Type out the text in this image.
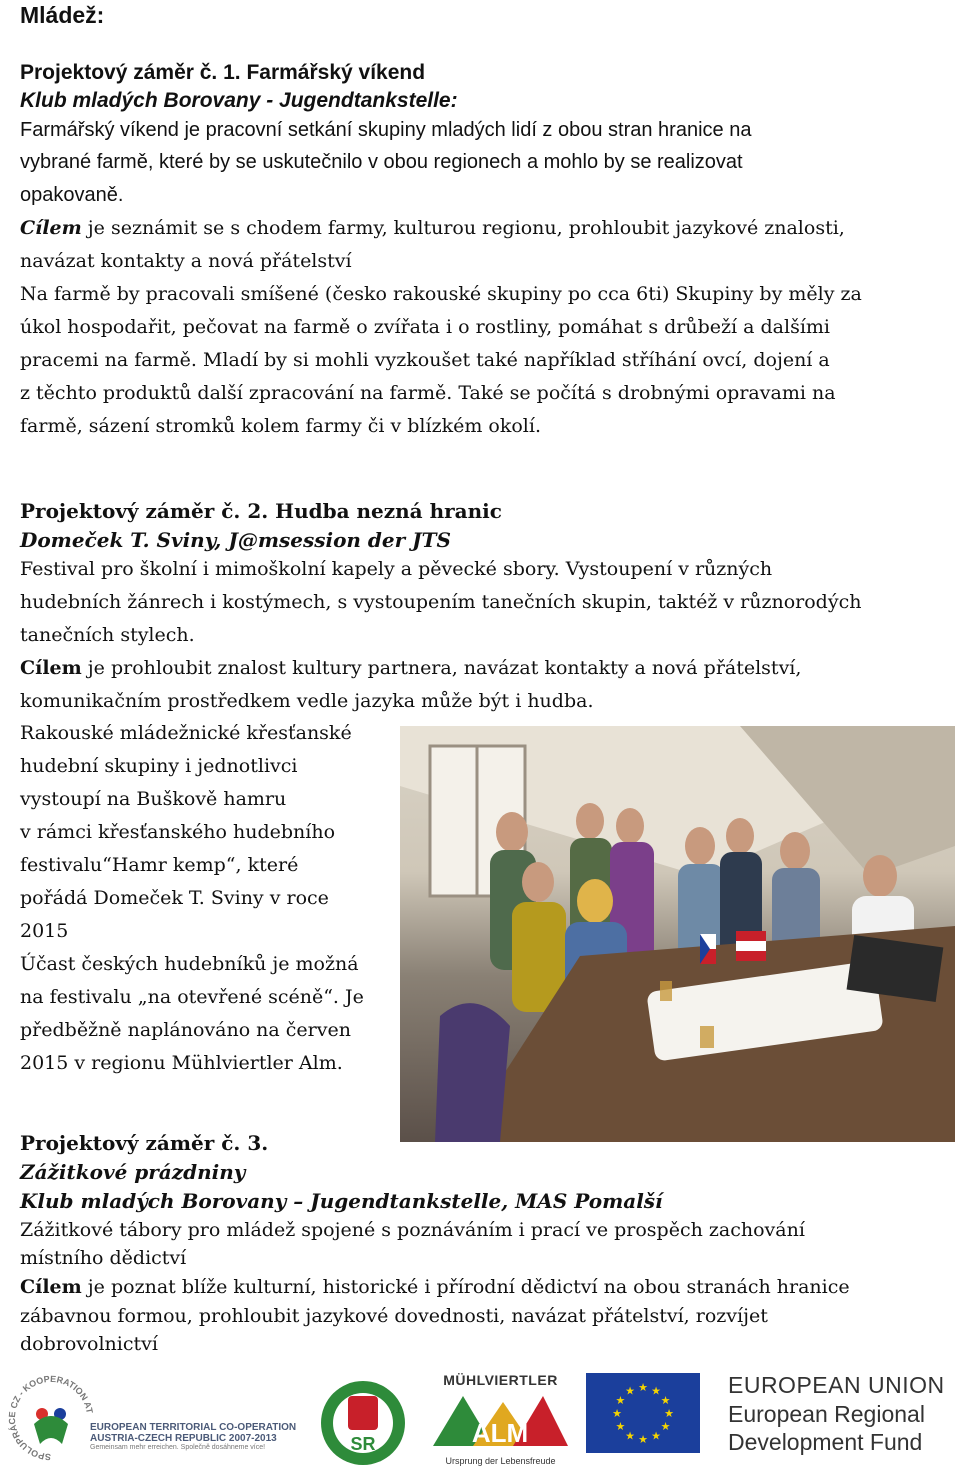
Mládež:
Projektový záměr č. 1. Farmářský víkend
Klub mladých Borovany - Jugendtankstelle:
Farmářský víkend je pracovní setkání skupiny mladých lidí z obou stran hranice na
vybrané farmě, které by se uskutečnilo v obou regionech a mohlo by se realizovat
opakovaně.
Cílem je seznámit se s chodem farmy, kulturou regionu, prohloubit jazykové znalosti,
navázat kontakty a nová přátelství
Na farmě by pracovali smíšené (česko rakouské skupiny po cca 6ti) Skupiny by měly za
úkol hospodařit, pečovat na farmě o zvířata i o rostliny, pomáhat s drůbeží a dalšími
pracemi na farmě. Mladí by si mohli vyzkoušet také například stříhání ovcí, dojení a
z těchto produktů další zpracování na farmě. Také se počítá s drobnými opravami na
farmě, sázení stromků kolem farmy či v blízkém okolí.
Projektový záměr č. 2. Hudba nezná hranic
Domeček T. Sviny, J@msession der JTS
Festival pro školní i mimoškolní kapely a pěvecké sbory. Vystoupení v různých
hudebních žánrech i kostýmech, s vystoupením tanečních skupin, taktéž v různorodých
tanečních stylech.
Cílem je prohloubit znalost kultury partnera, navázat kontakty a nová přátelství,
komunikačním prostředkem vedle jazyka může být i hudba.
Rakouské mládežnické křesťanské
hudební skupiny i jednotlivci
vystoupí na Buškově hamru
v rámci křesťanského hudebního
festivalu“Hamr kemp“, které
pořádá Domeček T. Sviny v roce
2015
Účast českých hudebníků je možná
na festivalu „na otevřené scéně“. Je
předběžně naplánováno na červen
2015 v regionu Mühlviertler Alm.
Projektový záměr č. 3.
Zážitkové prázdniny
Klub mladých Borovany – Jugendtankstelle, MAS Pomalší
Zážitkové tábory pro mládež spojené s poznáváním i prací ve prospěch zachování
místního dědictví
Cílem je poznat blíže kulturní, historické i přírodní dědictví na obou stranách hranice
zábavnou formou, prohloubit jazykové dovednosti, navázat přátelství, rozvíjet
dobrovolnictví
SPOLUPRÁCE CZ - KOOPERATION AT
EUROPEAN TERRITORIAL CO-OPERATION
AUSTRIA-CZECH REPUBLIC 2007-2013
Gemeinsam mehr erreichen. Společně dosáhneme více!	SR
MÜHLVIERTLER
ALM
Ursprung der Lebensfreude
★ ★
★
★
★
★
★
★
★
★
★
★	EUROPEAN UNION
European Regional
Development Fund
